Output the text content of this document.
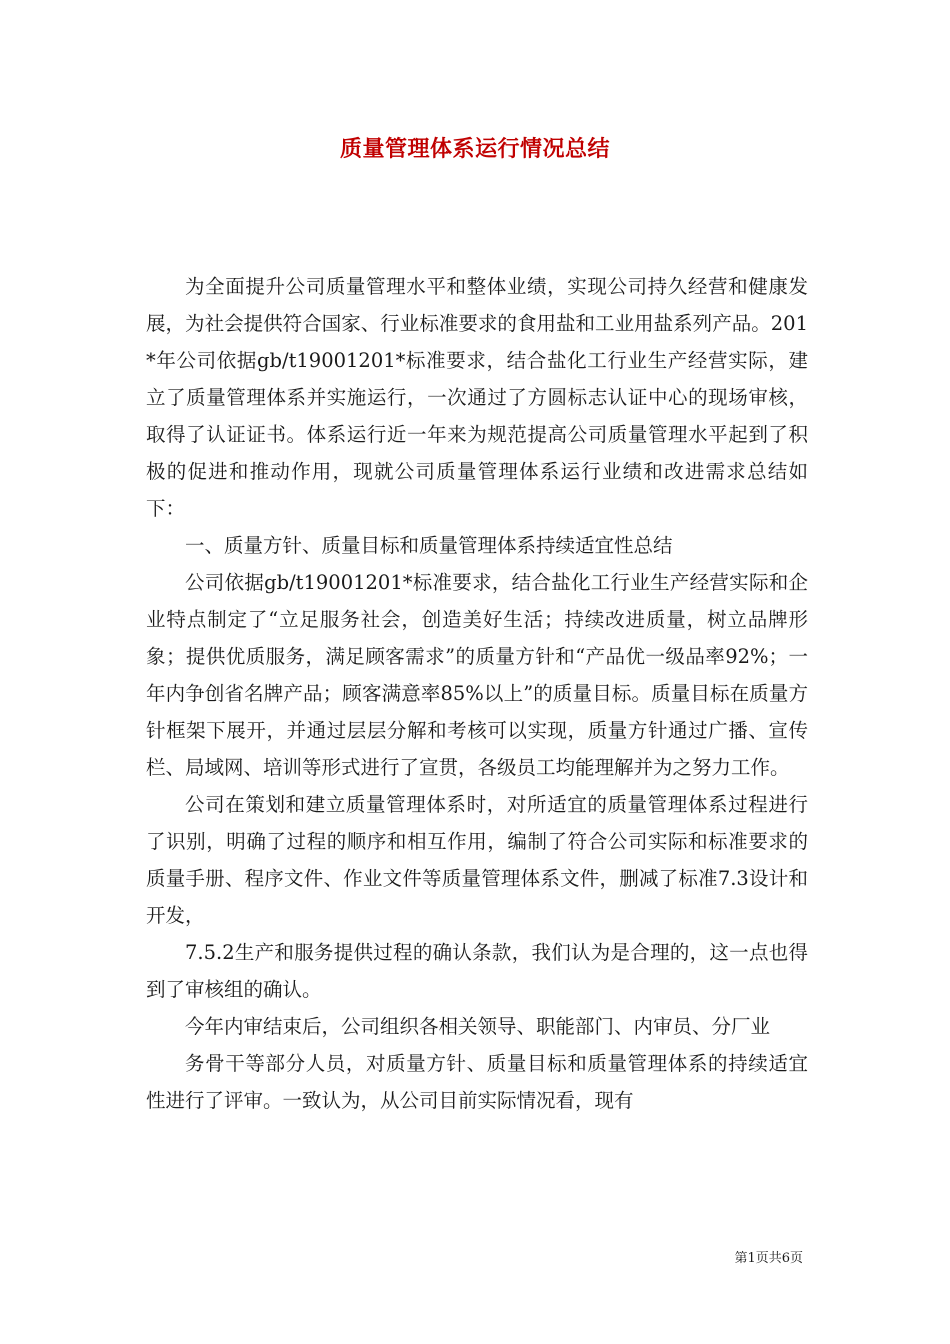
质量管理体系运行情况总结

为全面提升公司质量管理水平和整体业绩，实现公司持久经营和健康发展，为社会提供符合国家、行业标准要求的食用盐和工业用盐系列产品。201*年公司依据gb/t19001201*标准要求，结合盐化工行业生产经营实际，建立了质量管理体系并实施运行，一次通过了方圆标志认证中心的现场审核，取得了认证证书。体系运行近一年来为规范提高公司质量管理水平起到了积极的促进和推动作用，现就公司质量管理体系运行业绩和改进需求总结如下：

一、质量方针、质量目标和质量管理体系持续适宜性总结

公司依据gb/t19001201*标准要求，结合盐化工行业生产经营实际和企业特点制定了“立足服务社会，创造美好生活；持续改进质量，树立品牌形象；提供优质服务，满足顾客需求”的质量方针和“产品优一级品率92%；一年内争创省名牌产品；顾客满意率85%以上”的质量目标。质量目标在质量方针框架下展开，并通过层层分解和考核可以实现，质量方针通过广播、宣传栏、局域网、培训等形式进行了宣贯，各级员工均能理解并为之努力工作。

公司在策划和建立质量管理体系时，对所适宜的质量管理体系过程进行了识别，明确了过程的顺序和相互作用，编制了符合公司实际和标准要求的质量手册、程序文件、作业文件等质量管理体系文件，删减了标准7.3设计和开发，

7.5.2生产和服务提供过程的确认条款，我们认为是合理的，这一点也得到了审核组的确认。

今年内审结束后，公司组织各相关领导、职能部门、内审员、分厂业

务骨干等部分人员，对质量方针、质量目标和质量管理体系的持续适宜性进行了评审。一致认为，从公司目前实际情况看，现有

第1页共6页
